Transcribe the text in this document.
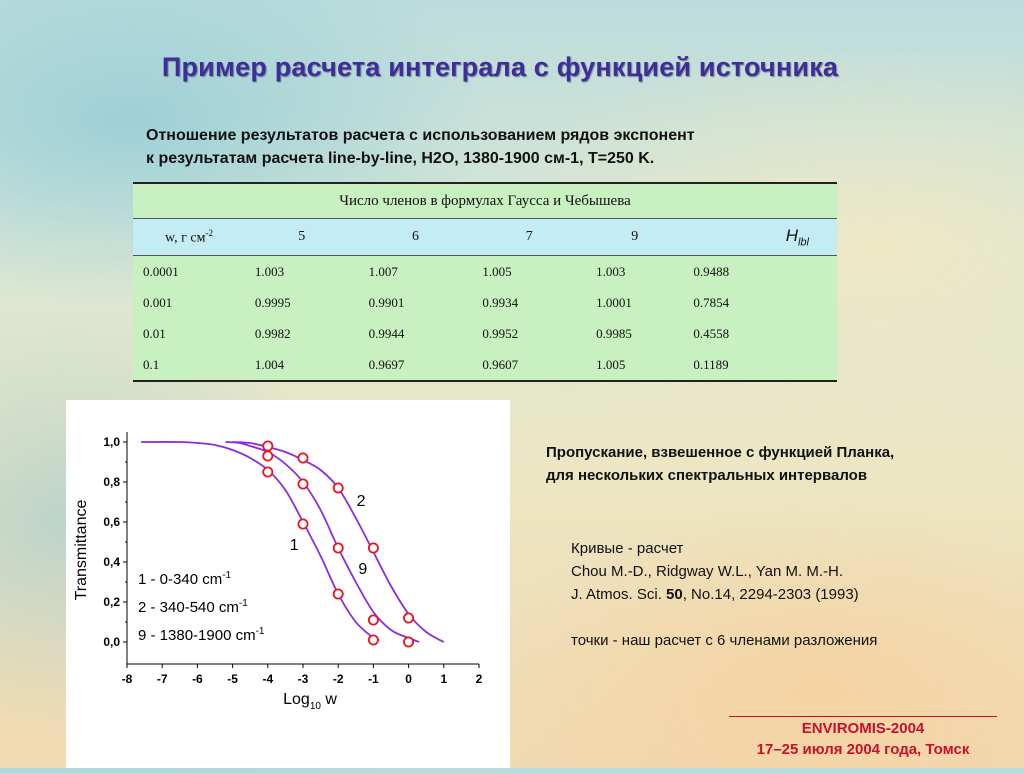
Пример расчета интеграла с функцией источника
Отношение результатов расчета с использованием рядов экспонент
к результатам расчета line-by-line, H2O, 1380-1900 см-1, T=250 K.
Число членов в формулах Гаусса и Чебышева					
w, г $см^{-2}$	5	6	7	9	$H_{lbl}$
0.0001	1.003	1.007	1.005	1.003	0.9488
0.001	0.9995	0.9901	0.9934	1.0001	0.7854
0.01	0.9982	0.9944	0.9952	0.9985	0.4558
0.1	1.004	0.9697	0.9607	1.005	0.1189
0,0
0,2
0,4
0,6
0,8
1,0
-8 -7 -6 -5 -4 -3 -2 -1 0 1 2
Transmittance
Log$_{10}$ w
1
9
2
1 - 0-340 $cm^{-1}$
2 - 340-540 $cm^{-1}$
9 - 1380-1900 $cm^{-1}$
Пропускание, взвешенное с функцией Планка,
для нескольких спектральных интервалов
Кривые - расчет
Chou M.-D., Ridgway W.L., Yan M. M.-H.
J. Atmos. Sci. 50, No.14, 2294-2303 (1993)
точки - наш расчет с 6 членами разложения
ENVIROMIS-2004
17–25 июля 2004 года, Томск
